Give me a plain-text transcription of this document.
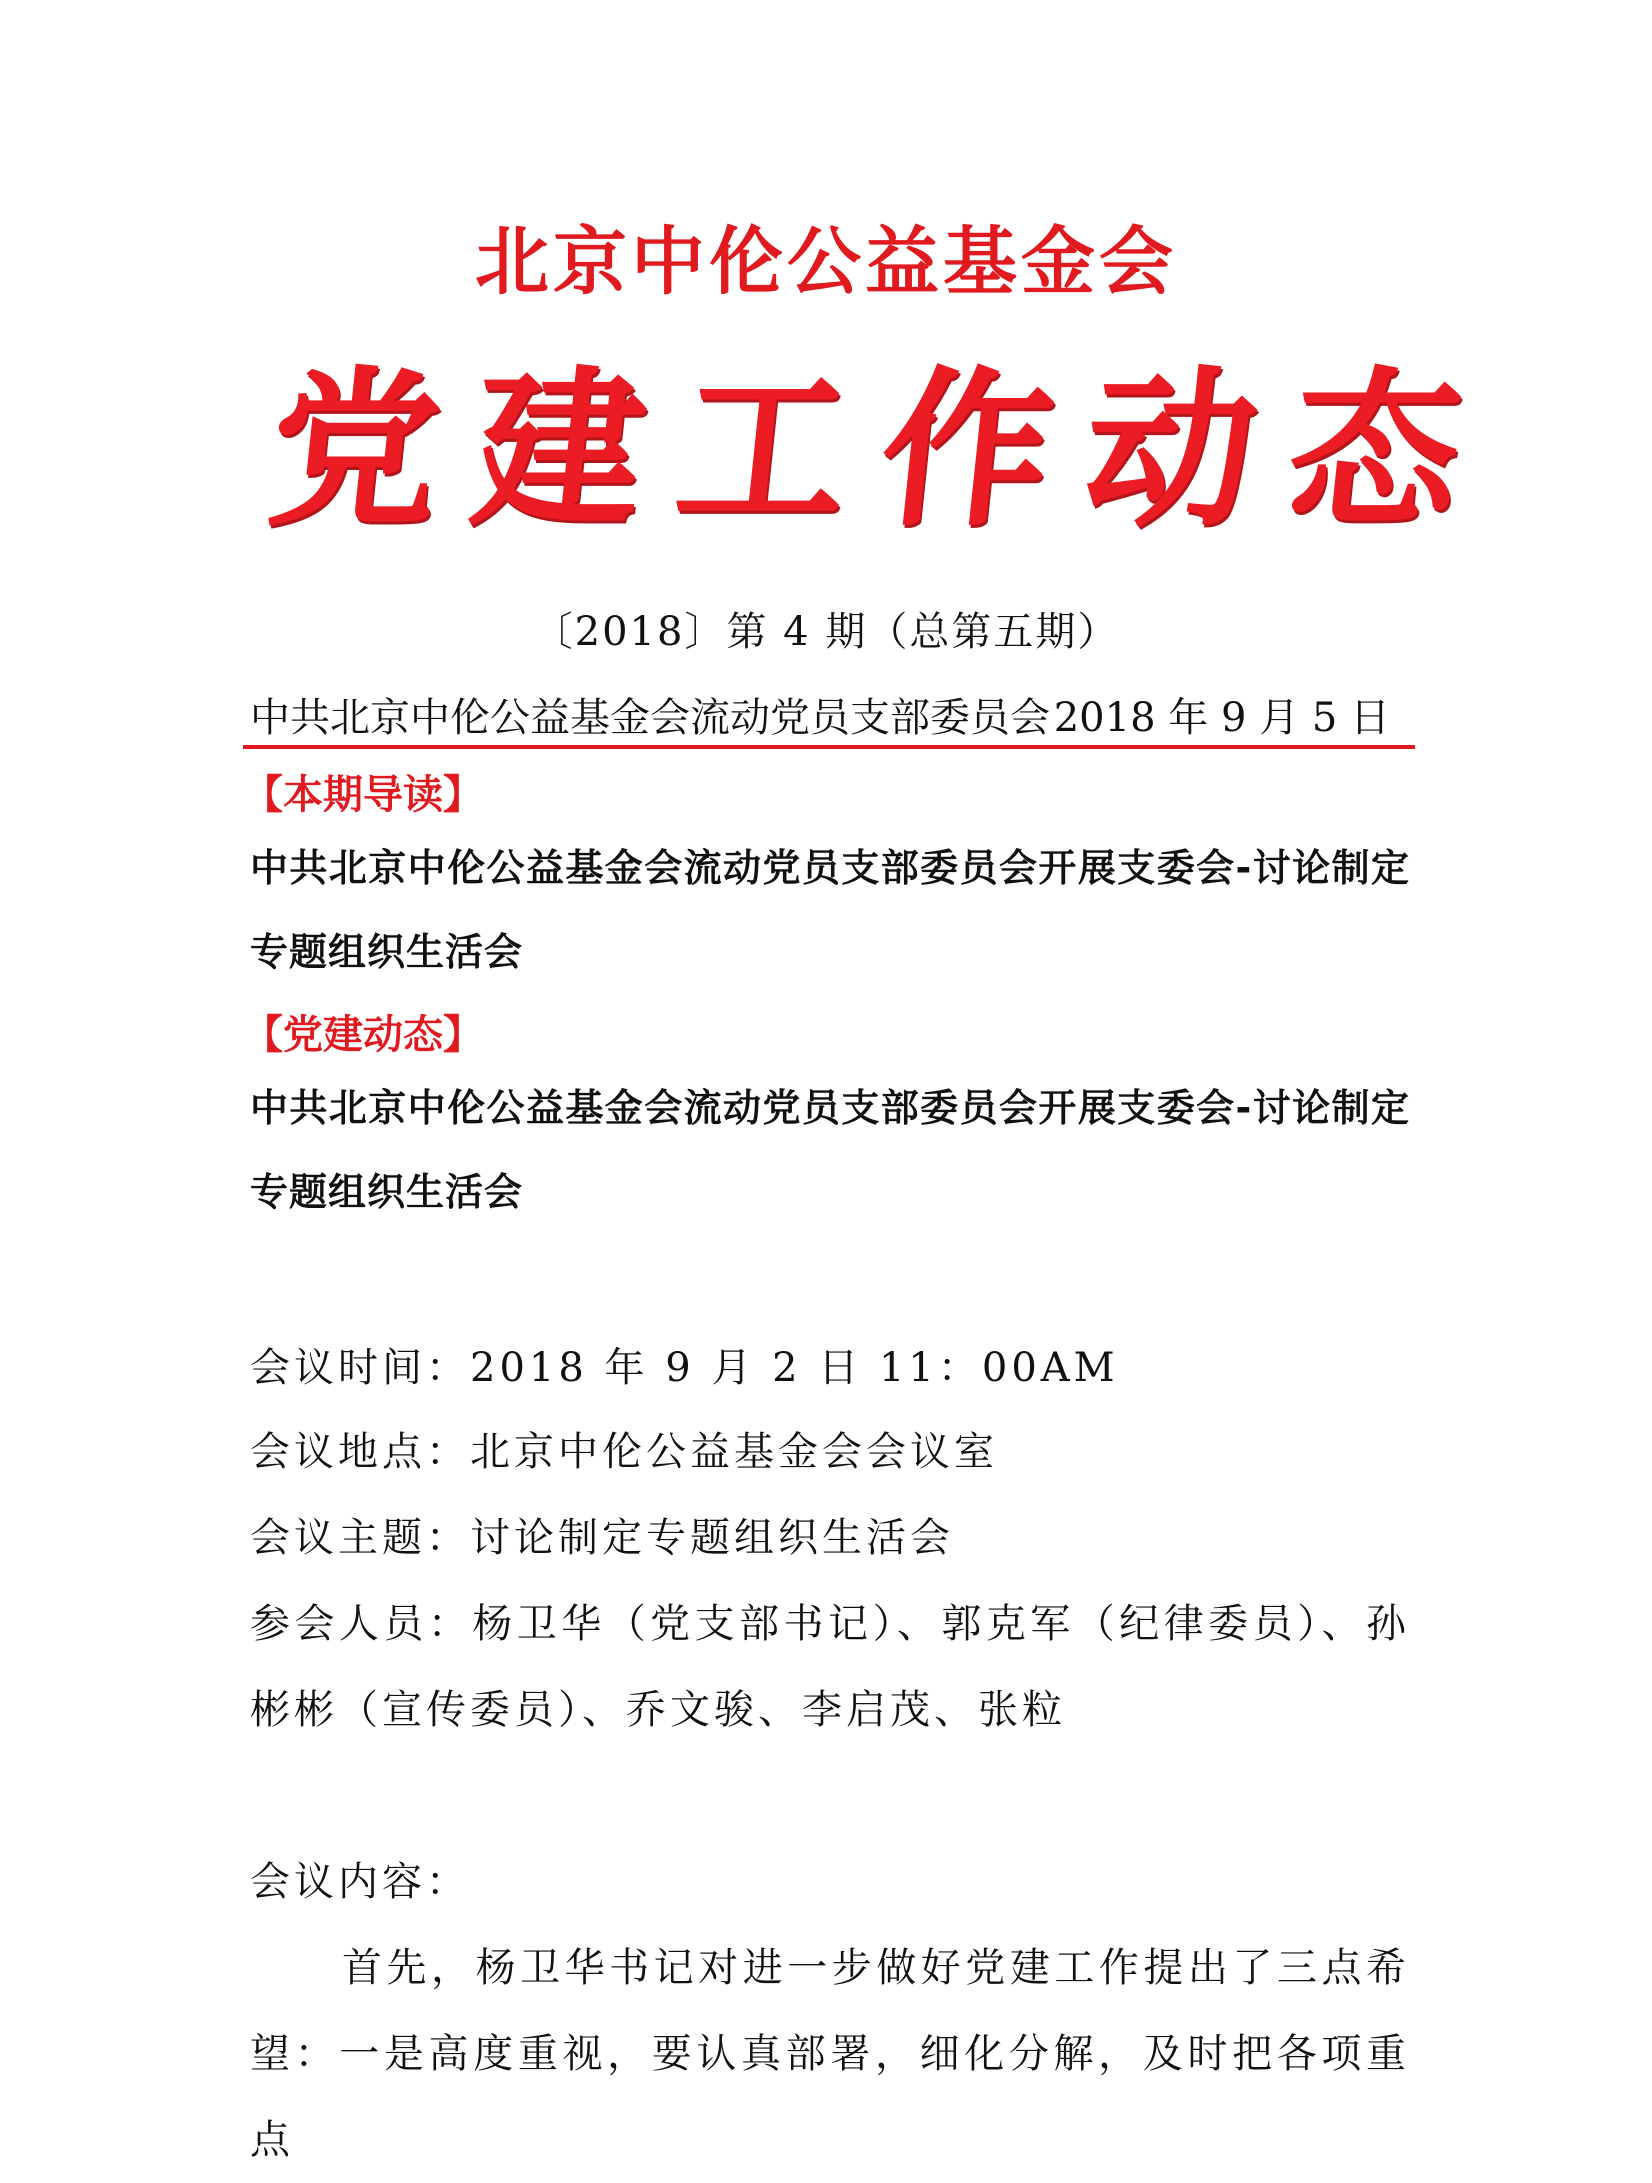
北京中伦公益基金会
党 建 工 作 动 态
〔2018〕第 4 期（总第五期）
中共北京中伦公益基金会流动党员支部委员会 2018 年 9 月 5 日
【本期导读】
中共北京中伦公益基金会流动党员支部委员会开展支委会-讨论制定专题组织生活会
【党建动态】
中共北京中伦公益基金会流动党员支部委员会开展支委会-讨论制定专题组织生活会
会议时间：2018 年 9 月 2 日 11：00AM
会议地点：北京中伦公益基金会会议室
会议主题：讨论制定专题组织生活会
参会人员：杨卫华（党支部书记）、郭克军（纪律委员）、孙彬彬（宣传委员）、乔文骏、李启茂、张粒
会议内容：
首先，杨卫华书记对进一步做好党建工作提出了三点希望：一是高度重视，要认真部署，细化分解，及时把各项重点
